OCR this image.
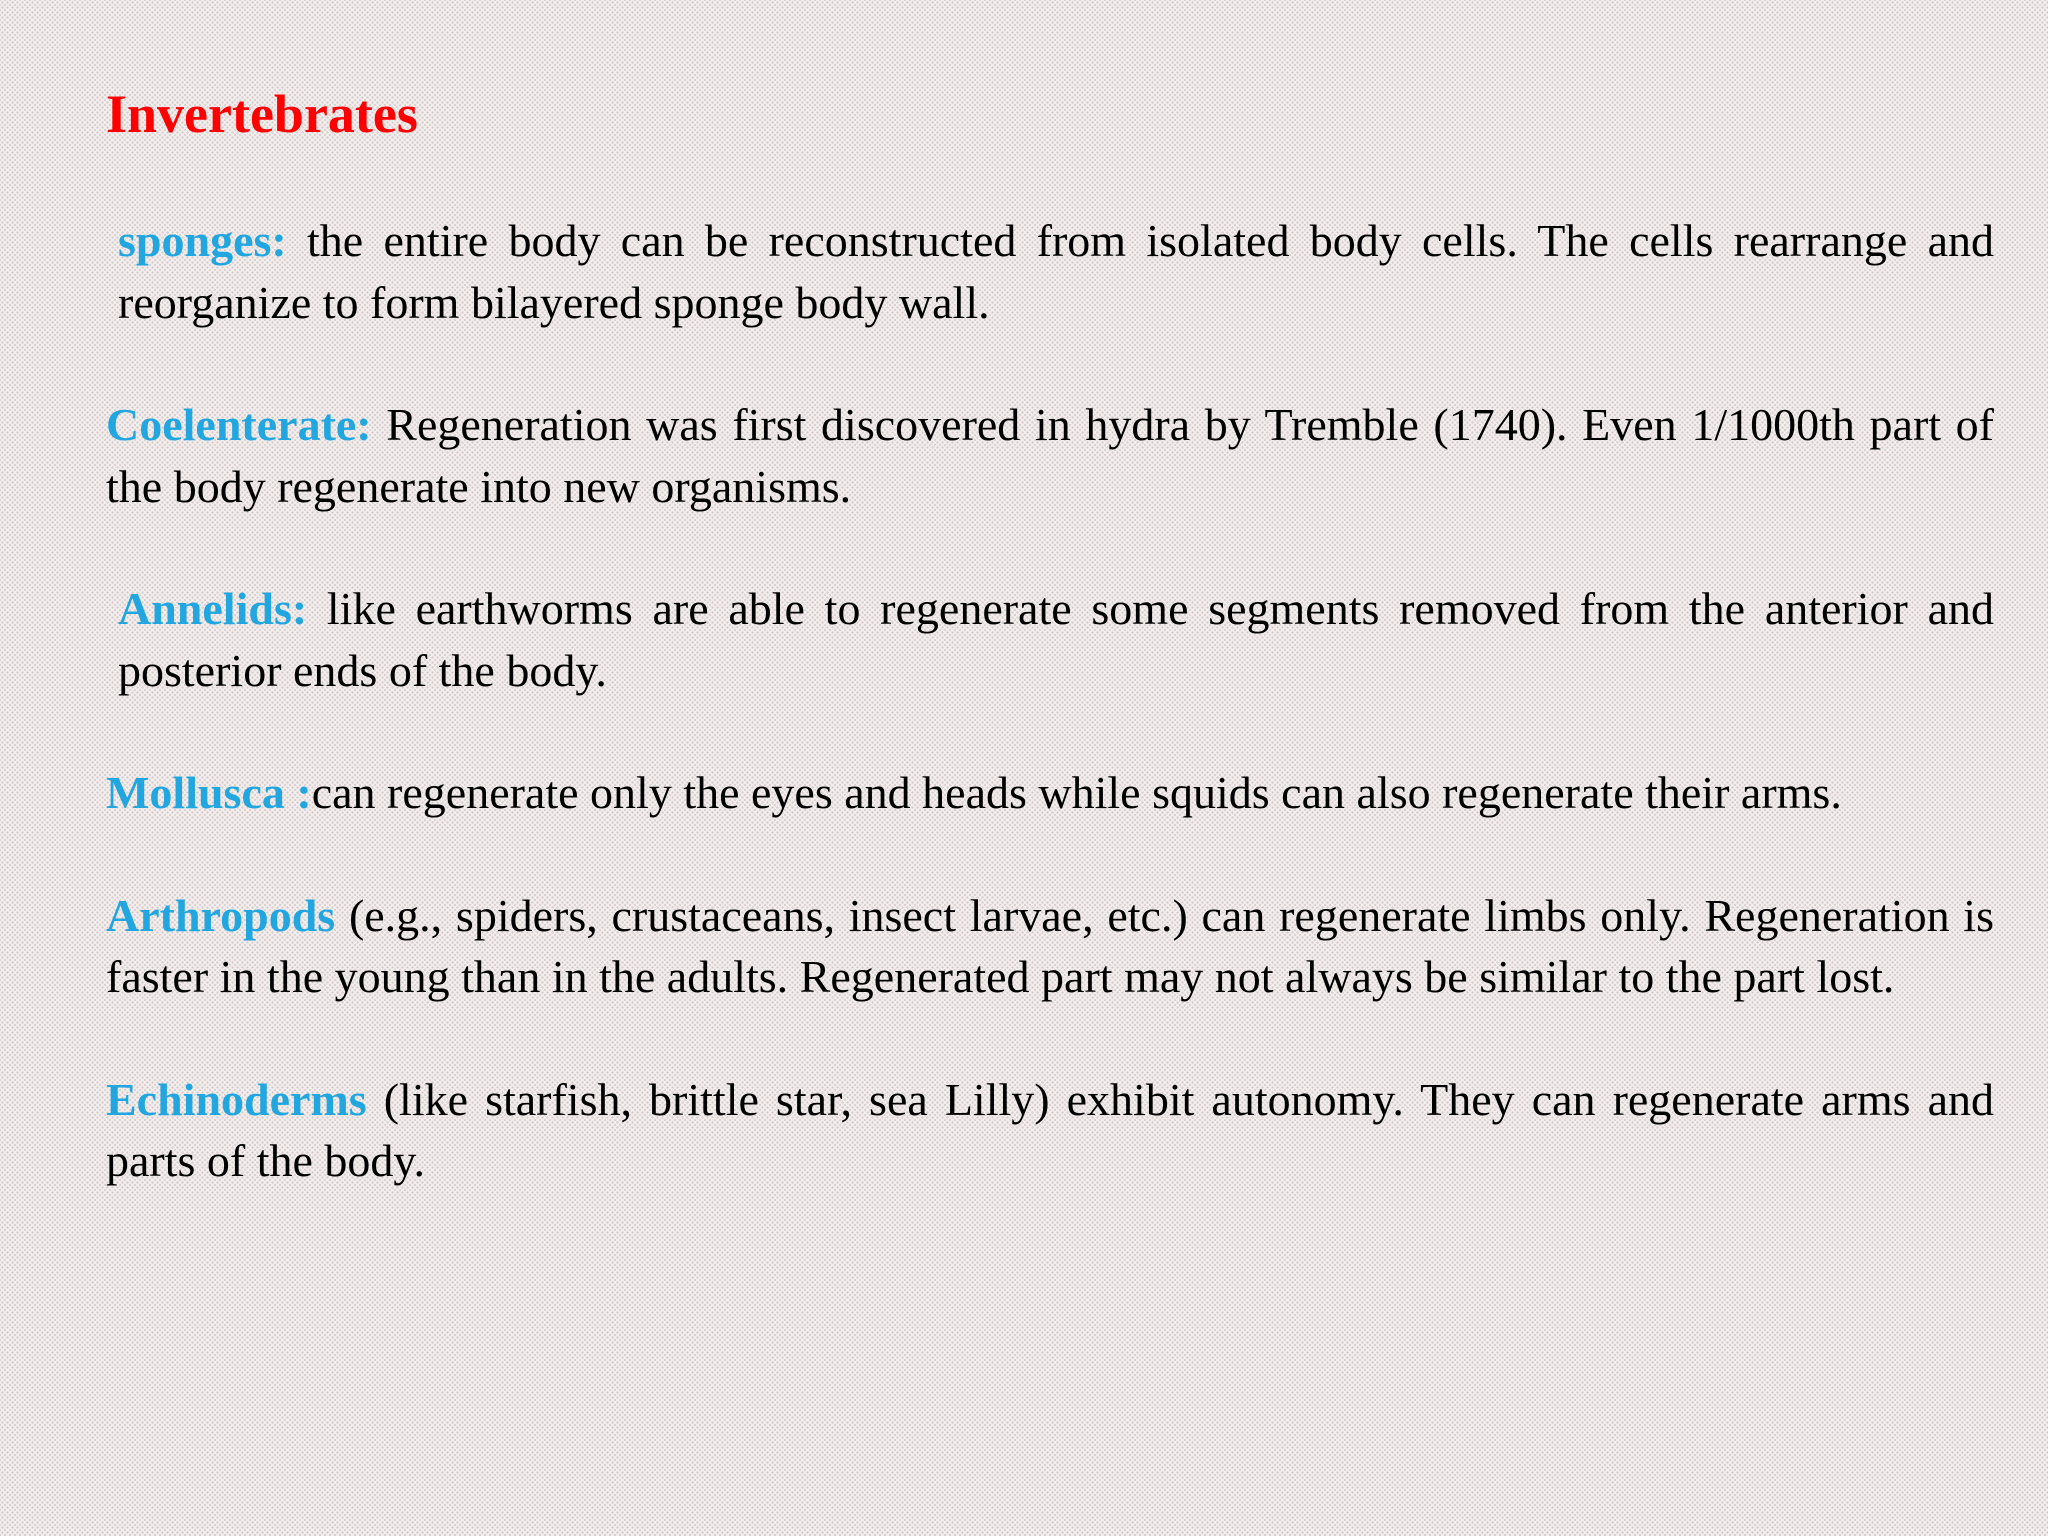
Invertebrates

sponges: the entire body can be reconstructed from isolated body cells. The cells rearrange and reorganize to form bilayered sponge body wall.

Coelenterate: Regeneration was first discovered in hydra by Tremble (1740). Even 1/1000th part of the body regenerate into new organisms.

Annelids: like earthworms are able to regenerate some segments removed from the anterior and posterior ends of the body.

Mollusca :can regenerate only the eyes and heads while squids can also regenerate their arms.

Arthropods (e.g., spiders, crustaceans, insect larvae, etc.) can regenerate limbs only. Regeneration is faster in the young than in the adults. Regenerated part may not always be similar to the part lost.

Echinoderms (like starfish, brittle star, sea Lilly) exhibit autonomy. They can regenerate arms and parts of the body.
